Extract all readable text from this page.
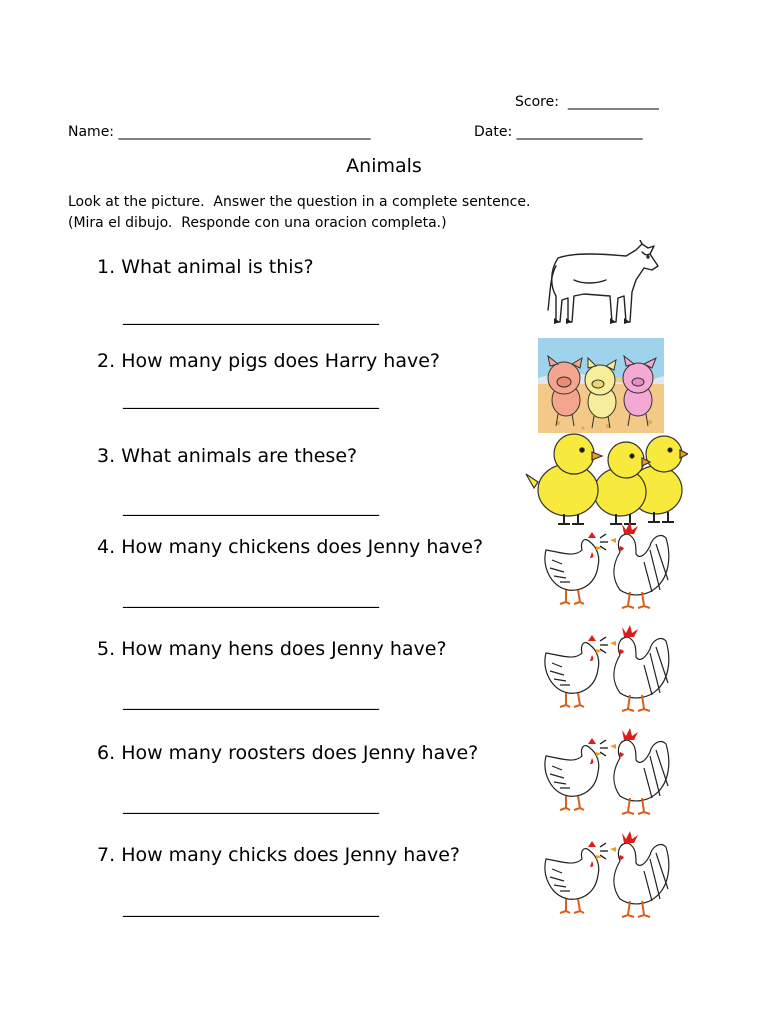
Score:  _____________
Name: ____________________________________	Date: __________________
Animals
Look at the picture.  Answer the question in a complete sentence.
(Mira el dibujo.  Responde con una oracion completa.)
1. What animal is this?
________________________________
2. How many pigs does Harry have?
________________________________
3. What animals are these?
________________________________
4. How many chickens does Jenny have?
________________________________
5. How many hens does Jenny have?
________________________________
6. How many roosters does Jenny have?
________________________________
7. How many chicks does Jenny have?
________________________________
